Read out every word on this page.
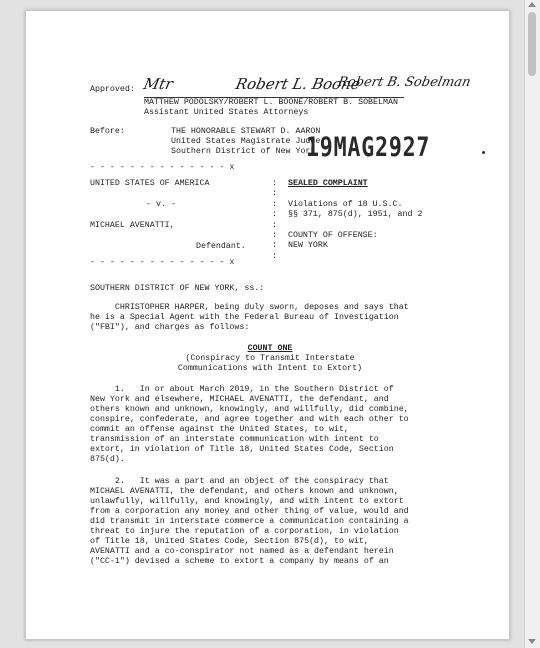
Approved: Mtr	Robert L. Boone
Robert B. Sobelman
MATTHEW PODOLSKY/ROBERT L. BOONE/ROBERT B. SOBELMAN
Assistant United States Attorneys
Before:	THE HONORABLE STEWART D. AARON
United States Magistrate Judge
Southern District of New York
19MAG2927
- - - - - - - - - - - - - - x
UNITED STATES OF AMERICA
- v. -
MICHAEL AVENATTI,
Defendant.
- - - - - - - - - - - - - - x
:
:
:
:
:
:
:
:
SEALED COMPLAINT
Violations of 18 U.S.C.
§§ 371, 875(d), 1951, and 2
COUNTY OF OFFENSE:
NEW YORK
SOUTHERN DISTRICT OF NEW YORK, ss.:
CHRISTOPHER HARPER, being duly sworn, deposes and says that
he is a Special Agent with the Federal Bureau of Investigation
("FBI"), and charges as follows:
COUNT ONE
(Conspiracy to Transmit Interstate
Communications with Intent to Extort)
1.   In or about March 2019, in the Southern District of
New York and elsewhere, MICHAEL AVENATTI, the defendant, and
others known and unknown, knowingly, and willfully, did combine,
conspire, confederate, and agree together and with each other to
commit an offense against the United States, to wit,
transmission of an interstate communication with intent to
extort, in violation of Title 18, United States Code, Section
875(d).
2.   It was a part and an object of the conspiracy that
MICHAEL AVENATTI, the defendant, and others known and unknown,
unlawfully, willfully, and knowingly, and with intent to extort
from a corporation any money and other thing of value, would and
did transmit in interstate commerce a communication containing a
threat to injure the reputation of a corporation, in violation
of Title 18, United States Code, Section 875(d), to wit,
AVENATTI and a co-conspirator not named as a defendant herein
("CC-1") devised a scheme to extort a company by means of an
